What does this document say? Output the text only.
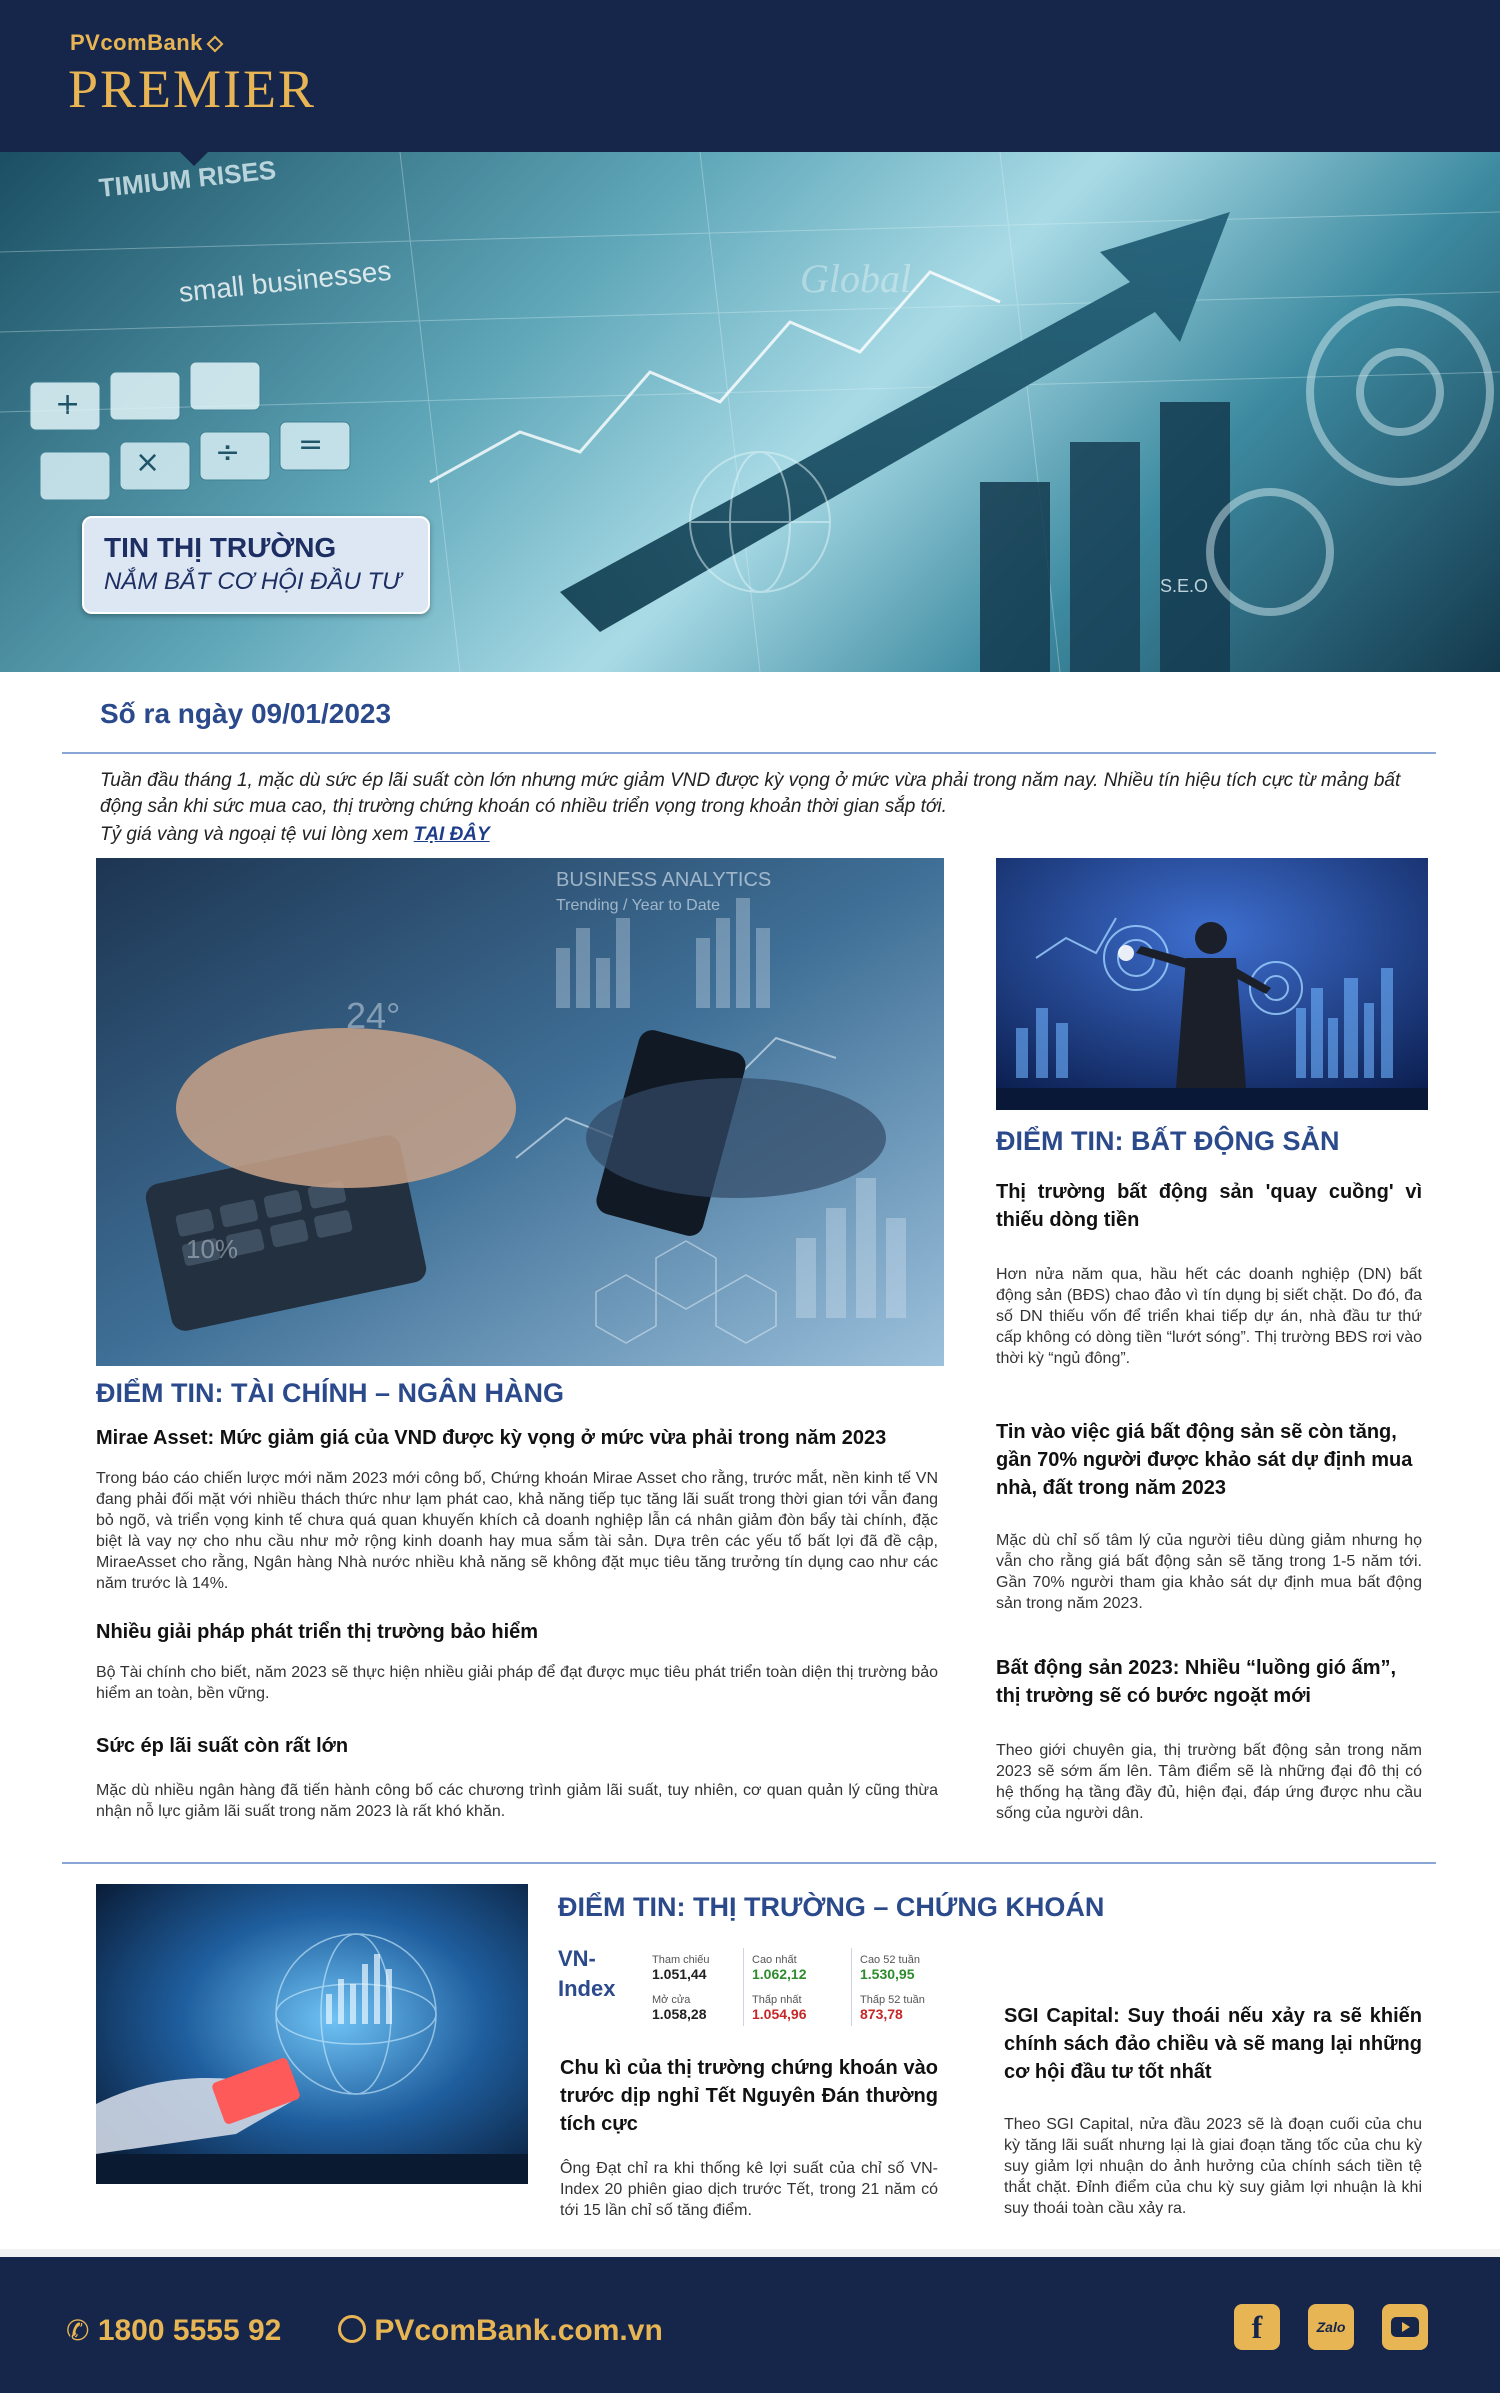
PVcomBank
PREMIER
× ÷ =
+
TIMIUM RISES
small businesses
S.E.O
Global
TIN THỊ TRƯỜNG
NẮM BẮT CƠ HỘI ĐẦU TƯ
Số ra ngày 09/01/2023
Tuần đầu tháng 1, mặc dù sức ép lãi suất còn lớn nhưng mức giảm VND được kỳ vọng ở mức vừa phải trong năm nay. Nhiều tín hiệu tích cực từ mảng bất động sản khi sức mua cao, thị trường chứng khoán có nhiều triển vọng trong khoản thời gian sắp tới.
Tỷ giá vàng và ngoại tệ vui lòng xem TẠI ĐÂY
BUSINESS ANALYTICS
Trending / Year to Date
24°
10%
ĐIỂM TIN: TÀI CHÍNH – NGÂN HÀNG
Mirae Asset: Mức giảm giá của VND được kỳ vọng ở mức vừa phải trong năm 2023
Trong báo cáo chiến lược mới năm 2023 mới công bố, Chứng khoán Mirae Asset cho rằng, trước mắt, nền kinh tế VN đang phải đối mặt với nhiều thách thức như lạm phát cao, khả năng tiếp tục tăng lãi suất trong thời gian tới vẫn đang bỏ ngõ, và triển vọng kinh tế chưa quá quan khuyến khích cả doanh nghiệp lẫn cá nhân giảm đòn bẩy tài chính, đặc biệt là vay nợ cho nhu cầu như mở rộng kinh doanh hay mua sắm tài sản. Dựa trên các yếu tố bất lợi đã đề cập, MiraeAsset cho rằng, Ngân hàng Nhà nước nhiều khả năng sẽ không đặt mục tiêu tăng trưởng tín dụng cao như các năm trước là 14%.
Nhiều giải pháp phát triển thị trường bảo hiểm
Bộ Tài chính cho biết, năm 2023 sẽ thực hiện nhiều giải pháp để đạt được mục tiêu phát triển toàn diện thị trường bảo hiểm an toàn, bền vững.
Sức ép lãi suất còn rất lớn
Mặc dù nhiều ngân hàng đã tiến hành công bố các chương trình giảm lãi suất, tuy nhiên, cơ quan quản lý cũng thừa nhận nỗ lực giảm lãi suất trong năm 2023 là rất khó khăn.
ĐIỂM TIN: BẤT ĐỘNG SẢN
Thị trường bất động sản 'quay cuồng' vì thiếu dòng tiền
Hơn nửa năm qua, hầu hết các doanh nghiệp (DN) bất động sản (BĐS) chao đảo vì tín dụng bị siết chặt. Do đó, đa số DN thiếu vốn để triển khai tiếp dự án, nhà đầu tư thứ cấp không có dòng tiền “lướt sóng”. Thị trường BĐS rơi vào thời kỳ “ngủ đông”.
Tin vào việc giá bất động sản sẽ còn tăng, gần 70% người được khảo sát dự định mua nhà, đất trong năm 2023
Mặc dù chỉ số tâm lý của người tiêu dùng giảm nhưng họ vẫn cho rằng giá bất động sản sẽ tăng trong 1-5 năm tới. Gần 70% người tham gia khảo sát dự định mua bất động sản trong năm 2023.
Bất động sản 2023: Nhiều “luồng gió ấm”, thị trường sẽ có bước ngoặt mới
Theo giới chuyên gia, thị trường bất động sản trong năm 2023 sẽ sớm ấm lên. Tâm điểm sẽ là những đại đô thị có hệ thống hạ tầng đầy đủ, hiện đại, đáp ứng được nhu cầu sống của người dân.
ĐIỂM TIN: THỊ TRƯỜNG – CHỨNG KHOÁN
VN-Index
Tham chiếu
1.051,44
Cao nhất
1.062,12
Cao 52 tuần
1.530,95
Mở cửa
1.058,28
Thấp nhất
1.054,96
Thấp 52 tuần
873,78
Chu kì của thị trường chứng khoán vào trước dịp nghỉ Tết Nguyên Đán thường tích cực
Ông Đạt chỉ ra khi thống kê lợi suất của chỉ số VN-Index 20 phiên giao dịch trước Tết, trong 21 năm có tới 15 lần chỉ số tăng điểm.
SGI Capital: Suy thoái nếu xảy ra sẽ khiến chính sách đảo chiều và sẽ mang lại những cơ hội đầu tư tốt nhất
Theo SGI Capital, nửa đầu 2023 sẽ là đoạn cuối của chu kỳ tăng lãi suất nhưng lại là giai đoạn tăng tốc của chu kỳ suy giảm lợi nhuận do ảnh hưởng của chính sách tiền tệ thắt chặt. Đỉnh điểm của chu kỳ suy giảm lợi nhuận là khi suy thoái toàn cầu xảy ra.
✆ 1800 5555 92	PVcomBank.com.vn	f	Zalo
